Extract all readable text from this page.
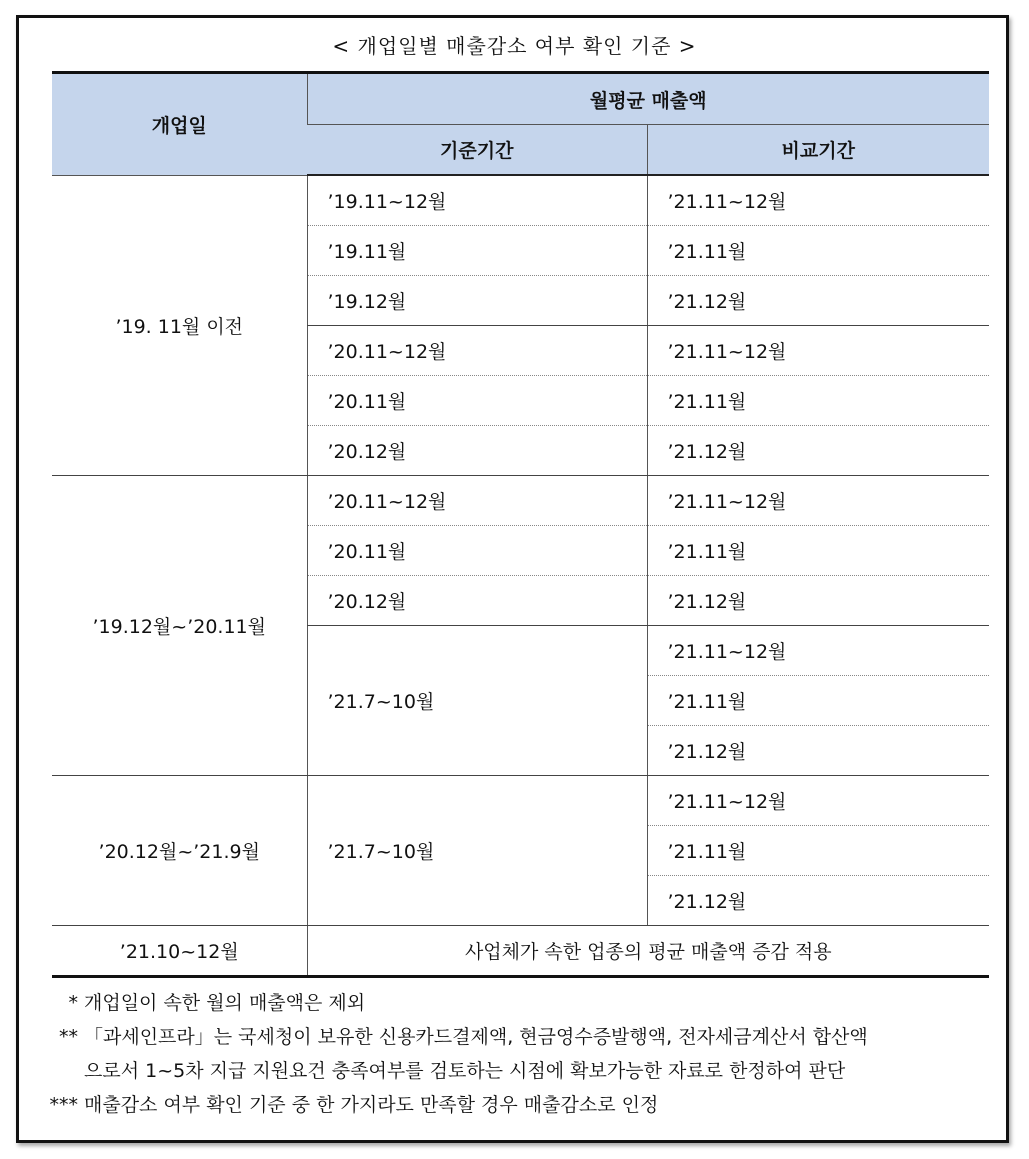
< 개업일별 매출감소 여부 확인 기준 >
개업일	월평균 매출액	
	기준기간	비교기간
’19. 11월 이전	’19.11~12월	’21.11~12월
	’19.11월	’21.11월
	’19.12월	’21.12월
	’20.11~12월	’21.11~12월
	’20.11월	’21.11월
	’20.12월	’21.12월
’19.12월~’20.11월	’20.11~12월	’21.11~12월
	’20.11월	’21.11월
	’20.12월	’21.12월
	’21.7~10월	’21.11~12월
		’21.11월
		’21.12월
’20.12월~’21.9월	’21.7~10월	’21.11~12월
		’21.11월
		’21.12월
’21.10~12월	사업체가 속한 업종의 평균 매출액 증감 적용	
* 개업일이 속한 월의 매출액은 제외
** 「과세인프라」는 국세청이 보유한 신용카드결제액, 현금영수증발행액, 전자세금계산서 합산액
으로서 1~5차 지급 지원요건 충족여부를 검토하는 시점에 확보가능한 자료로 한정하여 판단
*** 매출감소 여부 확인 기준 중 한 가지라도 만족할 경우 매출감소로 인정
